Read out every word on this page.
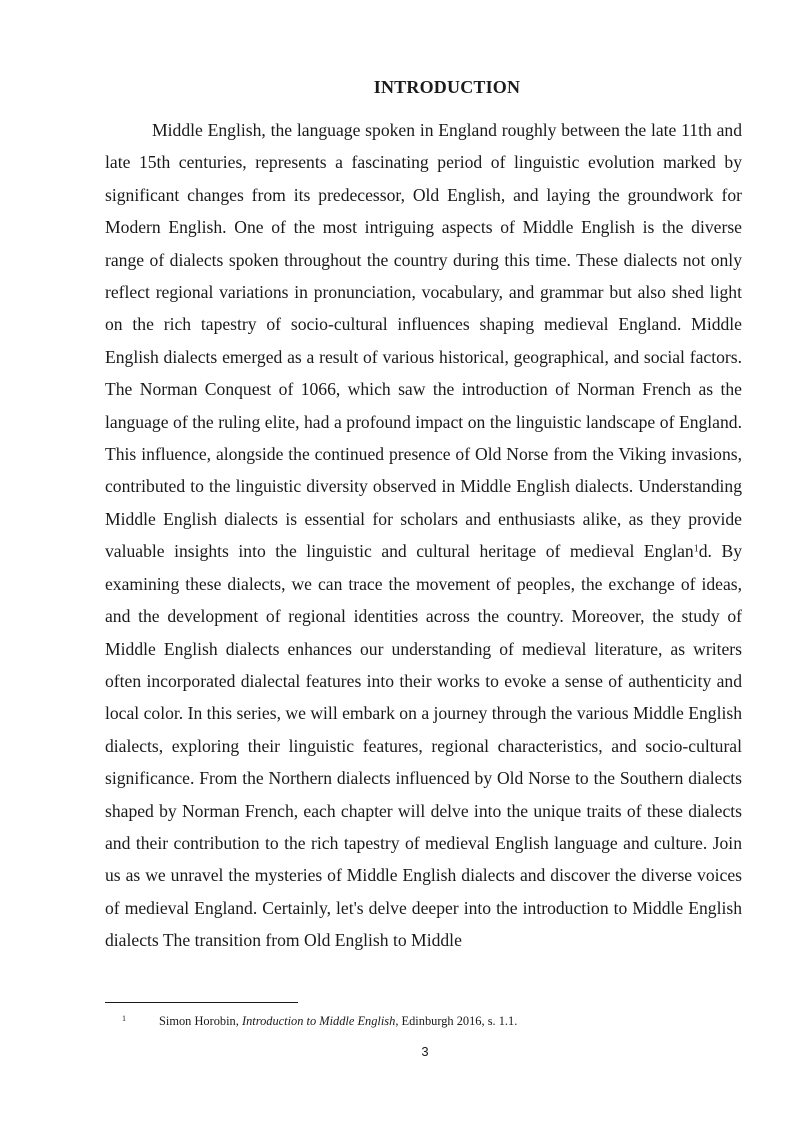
INTRODUCTION

Middle English, the language spoken in England roughly between the late 11th and late 15th centuries, represents a fascinating period of linguistic evolution marked by significant changes from its predecessor, Old English, and laying the groundwork for Modern English. One of the most intriguing aspects of Middle English is the diverse range of dialects spoken throughout the country during this time. These dialects not only reflect regional variations in pronunciation, vocabulary, and grammar but also shed light on the rich tapestry of socio-cultural influences shaping medieval England. Middle English dialects emerged as a result of various historical, geographical, and social factors. The Norman Conquest of 1066, which saw the introduction of Norman French as the language of the ruling elite, had a profound impact on the linguistic landscape of England. This influence, alongside the continued presence of Old Norse from the Viking invasions, contributed to the linguistic diversity observed in Middle English dialects. Understanding Middle English dialects is essential for scholars and enthusiasts alike, as they provide valuable insights into the linguistic and cultural heritage of medieval Englan$^1$d. By examining these dialects, we can trace the movement of peoples, the exchange of ideas, and the development of regional identities across the country. Moreover, the study of Middle English dialects enhances our understanding of medieval literature, as writers often incorporated dialectal features into their works to evoke a sense of authenticity and local color. In this series, we will embark on a journey through the various Middle English dialects, exploring their linguistic features, regional characteristics, and socio-cultural significance. From the Northern dialects influenced by Old Norse to the Southern dialects shaped by Norman French, each chapter will delve into the unique traits of these dialects and their contribution to the rich tapestry of medieval English language and culture. Join us as we unravel the mysteries of Middle English dialects and discover the diverse voices of medieval England. Certainly, let's delve deeper into the introduction to Middle English dialects The transition from Old English to Middle

1	Simon Horobin, Introduction to Middle English, Edinburgh 2016, s. 1.1.

3
